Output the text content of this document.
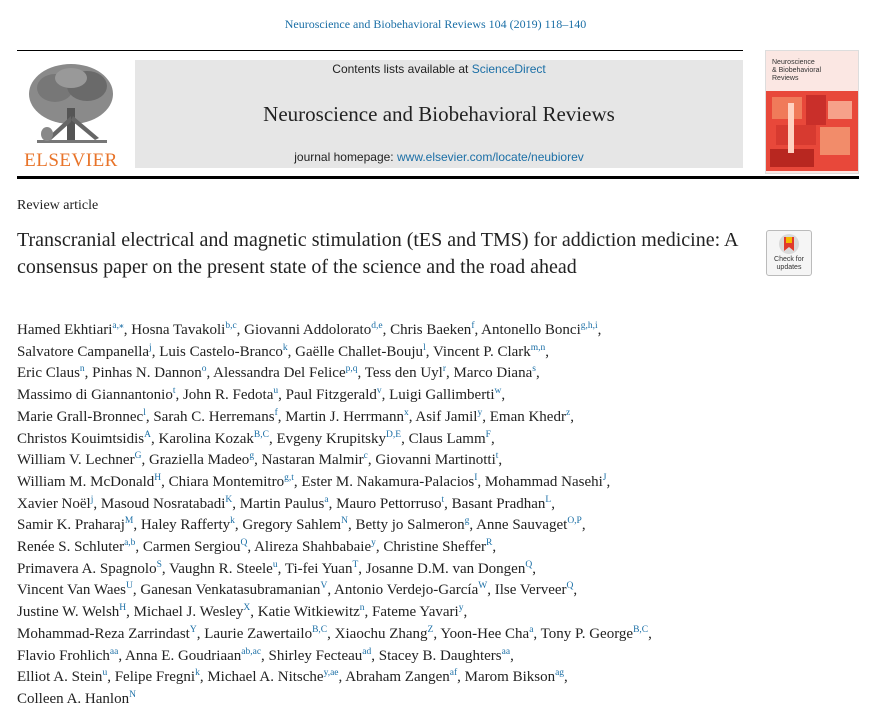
Neuroscience and Biobehavioral Reviews 104 (2019) 118–140
ELSEVIER
Contents lists available at ScienceDirect
Neuroscience and Biobehavioral Reviews
journal homepage: www.elsevier.com/locate/neubiorev
Neuroscience
& Biobehavioral
Reviews
Review article
Transcranial electrical and magnetic stimulation (tES and TMS) for addiction medicine: A consensus paper on the present state of the science and the road ahead	Check for
updates
Hamed Ekhtiari$^{a,⁎}$, Hosna Tavakoli$^{b,c}$, Giovanni Addolorato$^{d,e}$, Chris Baeken$^f$, Antonello Bonci$^{g,h,i}$,
Salvatore Campanella$^j$, Luis Castelo-Branco$^k$, Gaëlle Challet-Bouju$^l$, Vincent P. Clark$^{m,n}$,
Eric Claus$^n$, Pinhas N. Dannon$^o$, Alessandra Del Felice$^{p,q}$, Tess den Uyl$^r$, Marco Diana$^s$,
Massimo di Giannantonio$^t$, John R. Fedota$^u$, Paul Fitzgerald$^v$, Luigi Gallimberti$^w$,
Marie Grall-Bronnec$^l$, Sarah C. Herremans$^f$, Martin J. Herrmann$^x$, Asif Jamil$^y$, Eman Khedr$^z$,
Christos Kouimtsidis$^A$, Karolina Kozak$^{B,C}$, Evgeny Krupitsky$^{D,E}$, Claus Lamm$^F$,
William V. Lechner$^G$, Graziella Madeo$^g$, Nastaran Malmir$^c$, Giovanni Martinotti$^t$,
William M. McDonald$^H$, Chiara Montemitro$^{g,t}$, Ester M. Nakamura-Palacios$^I$, Mohammad Nasehi$^J$,
Xavier Noël$^j$, Masoud Nosratabadi$^K$, Martin Paulus$^a$, Mauro Pettorruso$^t$, Basant Pradhan$^L$,
Samir K. Praharaj$^M$, Haley Rafferty$^k$, Gregory Sahlem$^N$, Betty jo Salmeron$^g$, Anne Sauvaget$^{O,P}$,
Renée S. Schluter$^{a,b}$, Carmen Sergiou$^Q$, Alireza Shahbabaie$^y$, Christine Sheffer$^R$,
Primavera A. Spagnolo$^S$, Vaughn R. Steele$^u$, Ti-fei Yuan$^T$, Josanne D.M. van Dongen$^Q$,
Vincent Van Waes$^U$, Ganesan Venkatasubramanian$^V$, Antonio Verdejo-García$^W$, Ilse Verveer$^Q$,
Justine W. Welsh$^H$, Michael J. Wesley$^X$, Katie Witkiewitz$^n$, Fateme Yavari$^y$,
Mohammad-Reza Zarrindast$^Y$, Laurie Zawertailo$^{B,C}$, Xiaochu Zhang$^Z$, Yoon-Hee Cha$^a$, Tony P. George$^{B,C}$,
Flavio Frohlich$^{aa}$, Anna E. Goudriaan$^{ab,ac}$, Shirley Fecteau$^{ad}$, Stacey B. Daughters$^{aa}$,
Elliot A. Stein$^u$, Felipe Fregni$^k$, Michael A. Nitsche$^{y,ae}$, Abraham Zangen$^{af}$, Marom Bikson$^{ag}$,
Colleen A. Hanlon$^N$
